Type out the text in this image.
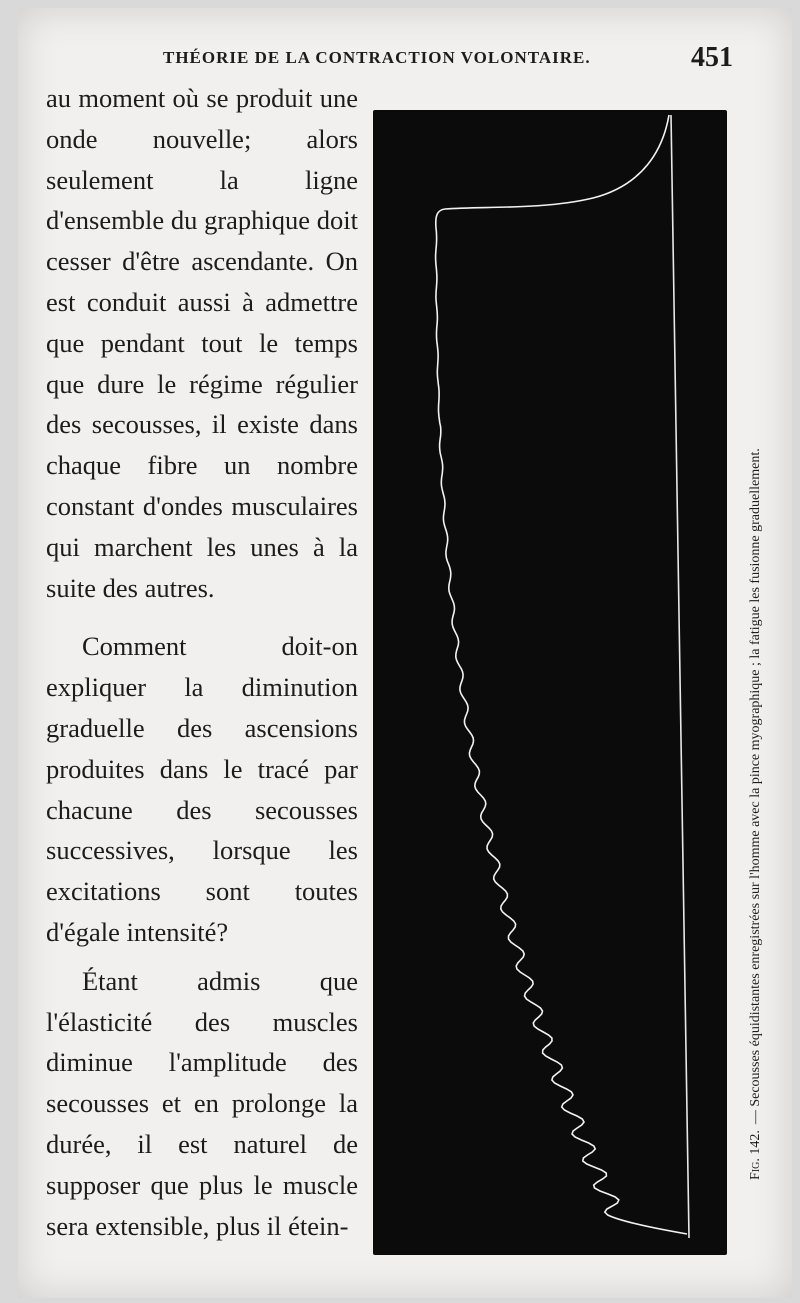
THÉORIE DE LA CONTRACTION VOLONTAIRE.	451

au moment où se produit une onde nouvelle; alors seulement la ligne d'ensemble du graphique doit cesser d'être ascendante. On est conduit aussi à admettre que pendant tout le temps que dure le régime régulier des secousses, il existe dans chaque fibre un nombre constant d'ondes musculaires qui marchent les unes à la suite des autres.

Comment doit-on expliquer la diminution graduelle des ascensions produites dans le tracé par chacune des secousses successives, lorsque les excitations sont toutes d'égale intensité?

Étant admis que l'élasticité des muscles diminue l'amplitude des secousses et en prolonge la durée, il est naturel de supposer que plus le muscle sera extensible, plus il étein-

Fig. 142.— Secousses équidistantes enregistrées sur l'homme avec la pince myographique ; la fatigue les fusionne graduellement.
